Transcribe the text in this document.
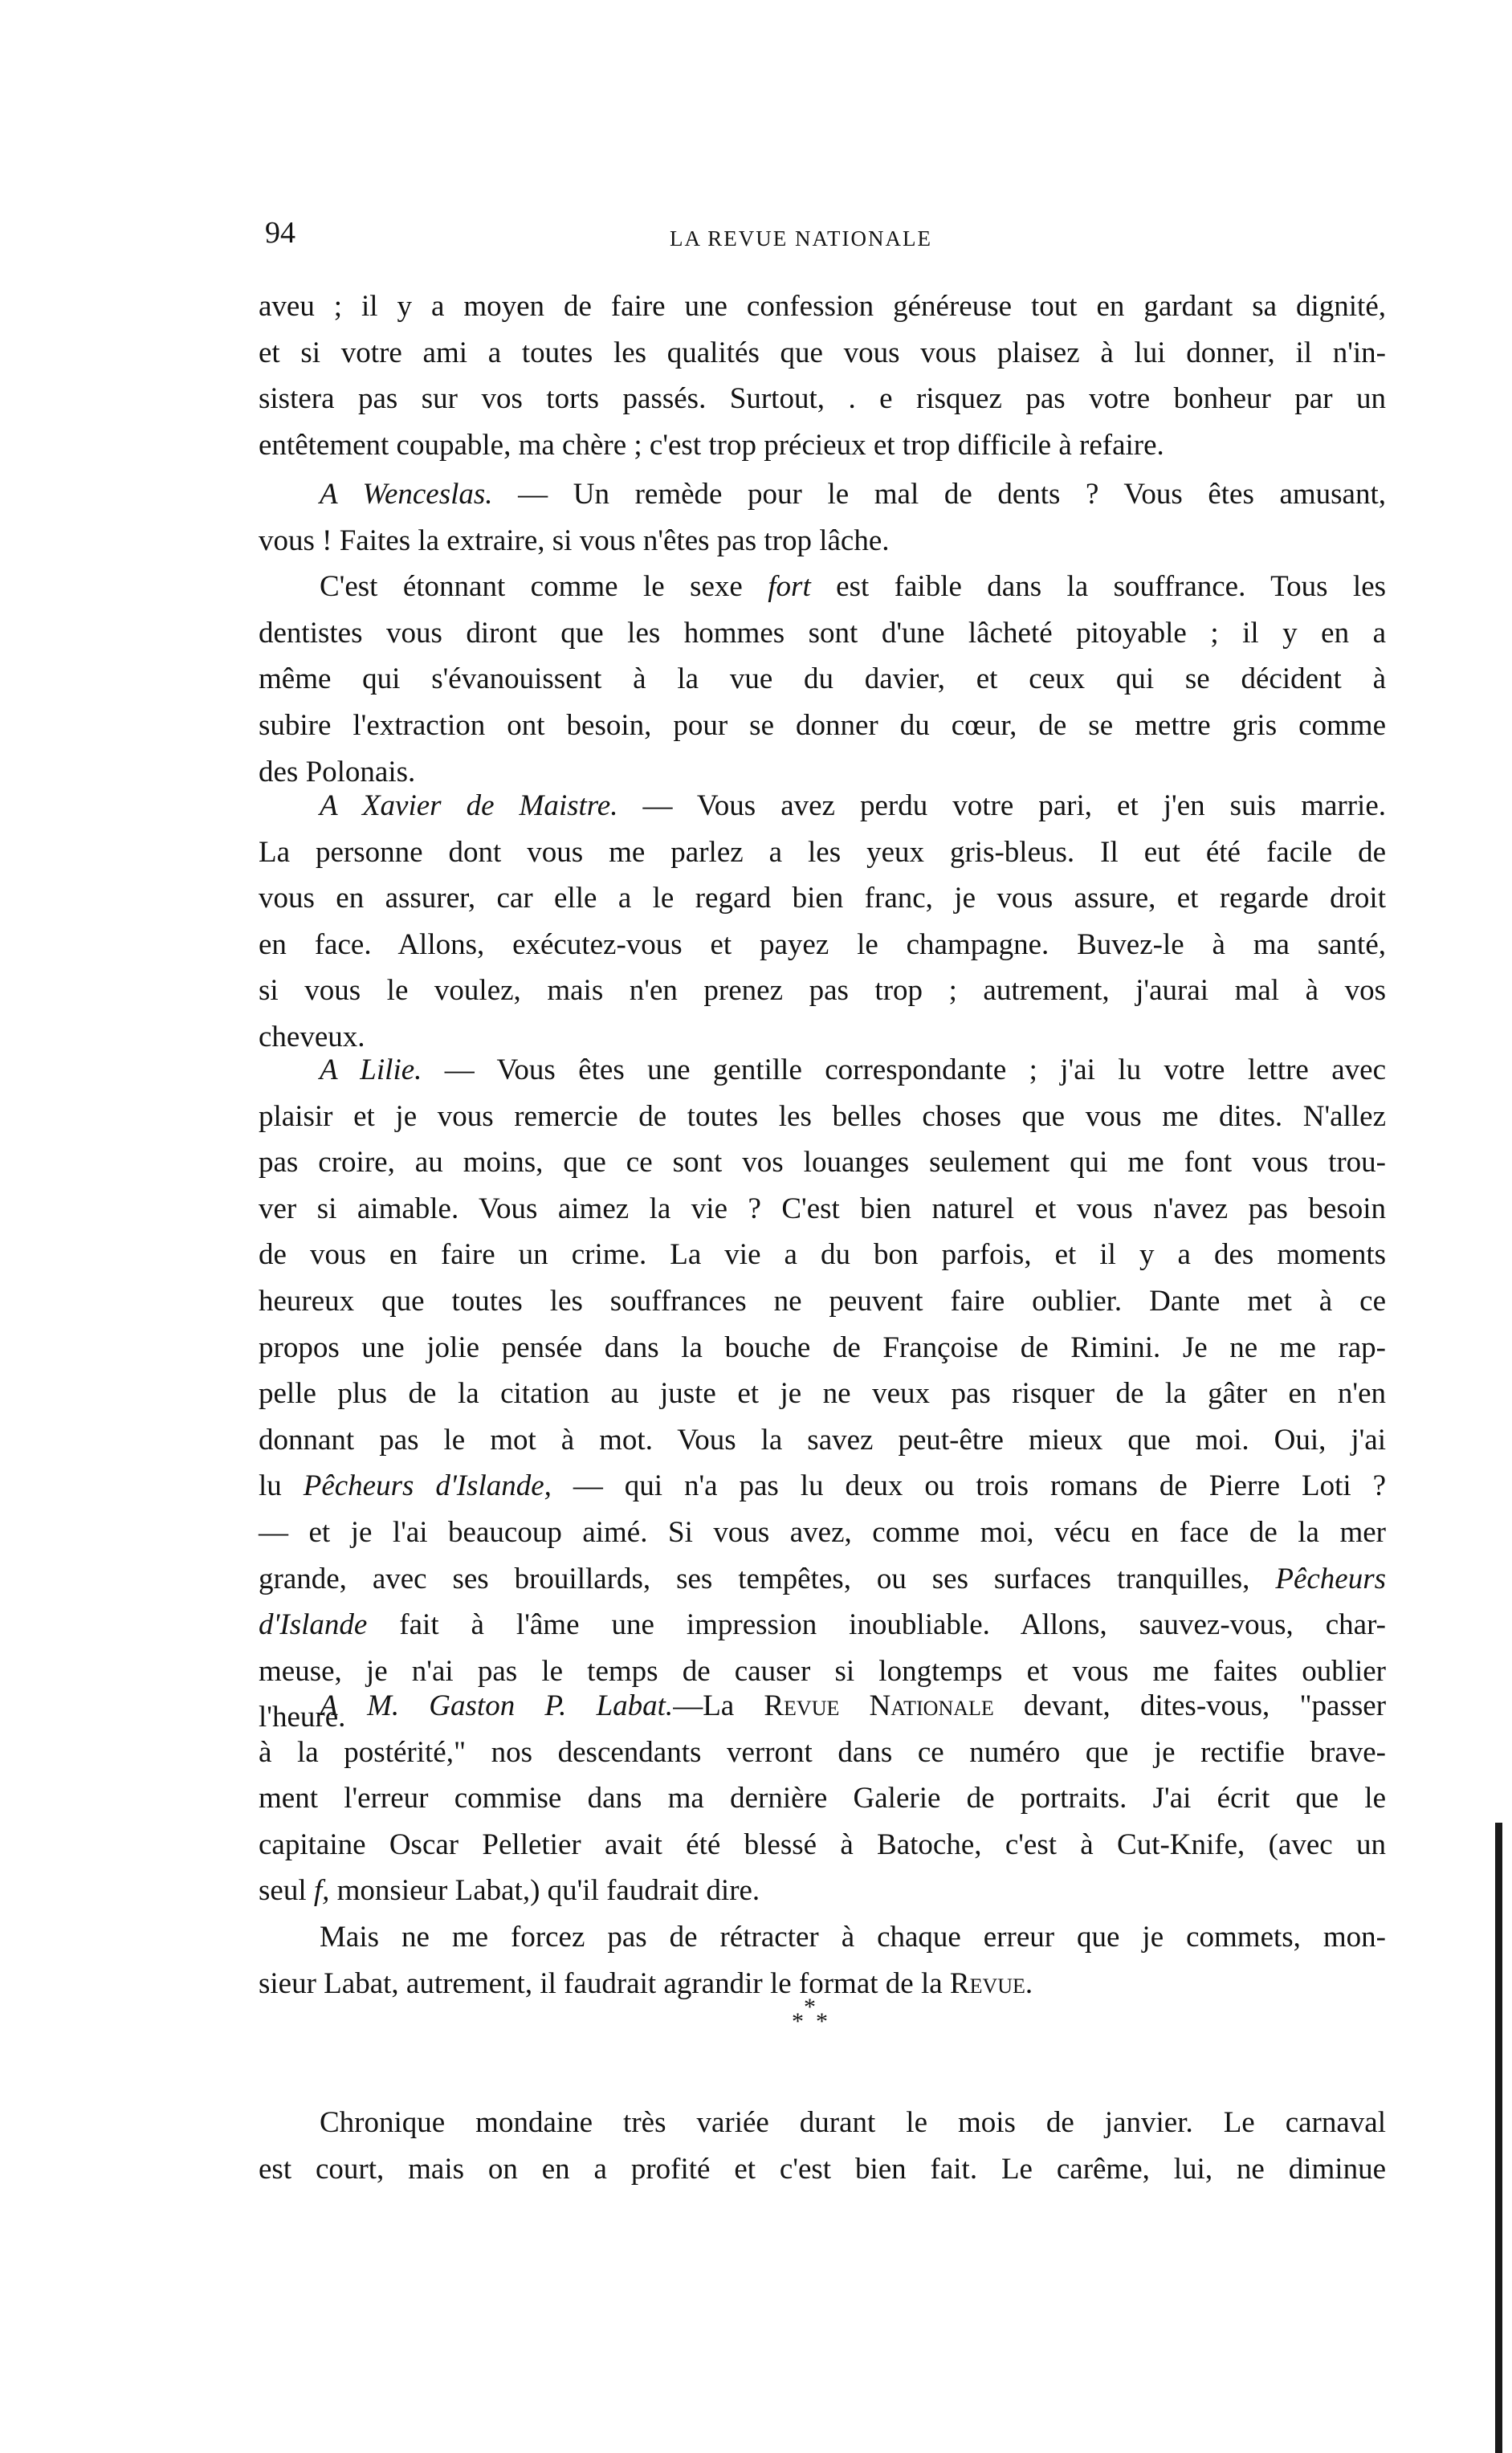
94	LA REVUE NATIONALE

aveu ; il y a moyen de faire une confession généreuse tout en gardant sa dignité,

et si votre ami a toutes les qualités que vous vous plaisez à lui donner, il n'in-

sistera pas sur vos torts passés. Surtout, . e risquez pas votre bonheur par un

entêtement coupable, ma chère ; c'est trop précieux et trop difficile à refaire.

A Wenceslas. — Un remède pour le mal de dents ? Vous êtes amusant,

vous ! Faites la extraire, si vous n'êtes pas trop lâche.

C'est étonnant comme le sexe fort est faible dans la souffrance. Tous les

dentistes vous diront que les hommes sont d'une lâcheté pitoyable ; il y en a

même qui s'évanouissent à la vue du davier, et ceux qui se décident à

subire l'extraction ont besoin, pour se donner du cœur, de se mettre gris comme

des Polonais.

A Xavier de Maistre. — Vous avez perdu votre pari, et j'en suis marrie.

La personne dont vous me parlez a les yeux gris-bleus. Il eut été facile de

vous en assurer, car elle a le regard bien franc, je vous assure, et regarde droit

en face. Allons, exécutez-vous et payez le champagne. Buvez-le à ma santé,

si vous le voulez, mais n'en prenez pas trop ; autrement, j'aurai mal à vos

cheveux.

A Lilie. — Vous êtes une gentille correspondante ; j'ai lu votre lettre avec

plaisir et je vous remercie de toutes les belles choses que vous me dites. N'allez

pas croire, au moins, que ce sont vos louanges seulement qui me font vous trou-

ver si aimable. Vous aimez la vie ? C'est bien naturel et vous n'avez pas besoin

de vous en faire un crime. La vie a du bon parfois, et il y a des moments

heureux que toutes les souffrances ne peuvent faire oublier. Dante met à ce

propos une jolie pensée dans la bouche de Françoise de Rimini. Je ne me rap-

pelle plus de la citation au juste et je ne veux pas risquer de la gâter en n'en

donnant pas le mot à mot. Vous la savez peut-être mieux que moi. Oui, j'ai

lu Pêcheurs d'Islande, — qui n'a pas lu deux ou trois romans de Pierre Loti ?

— et je l'ai beaucoup aimé. Si vous avez, comme moi, vécu en face de la mer

grande, avec ses brouillards, ses tempêtes, ou ses surfaces tranquilles, Pêcheurs

d'Islande fait à l'âme une impression inoubliable. Allons, sauvez-vous, char-

meuse, je n'ai pas le temps de causer si longtemps et vous me faites oublier

l'heure.

A M. Gaston P. Labat.—La Revue Nationale devant, dites-vous, "passer

à la postérité," nos descendants verront dans ce numéro que je rectifie brave-

ment l'erreur commise dans ma dernière Galerie de portraits. J'ai écrit que le

capitaine Oscar Pelletier avait été blessé à Batoche, c'est à Cut-Knife, (avec un

seul f, monsieur Labat,) qu'il faudrait dire.

Mais ne me forcez pas de rétracter à chaque erreur que je commets, mon-

sieur Labat, autrement, il faudrait agrandir le format de la Revue.

*
* *

Chronique mondaine très variée durant le mois de janvier. Le carnaval

est court, mais on en a profité et c'est bien fait. Le carême, lui, ne diminue
